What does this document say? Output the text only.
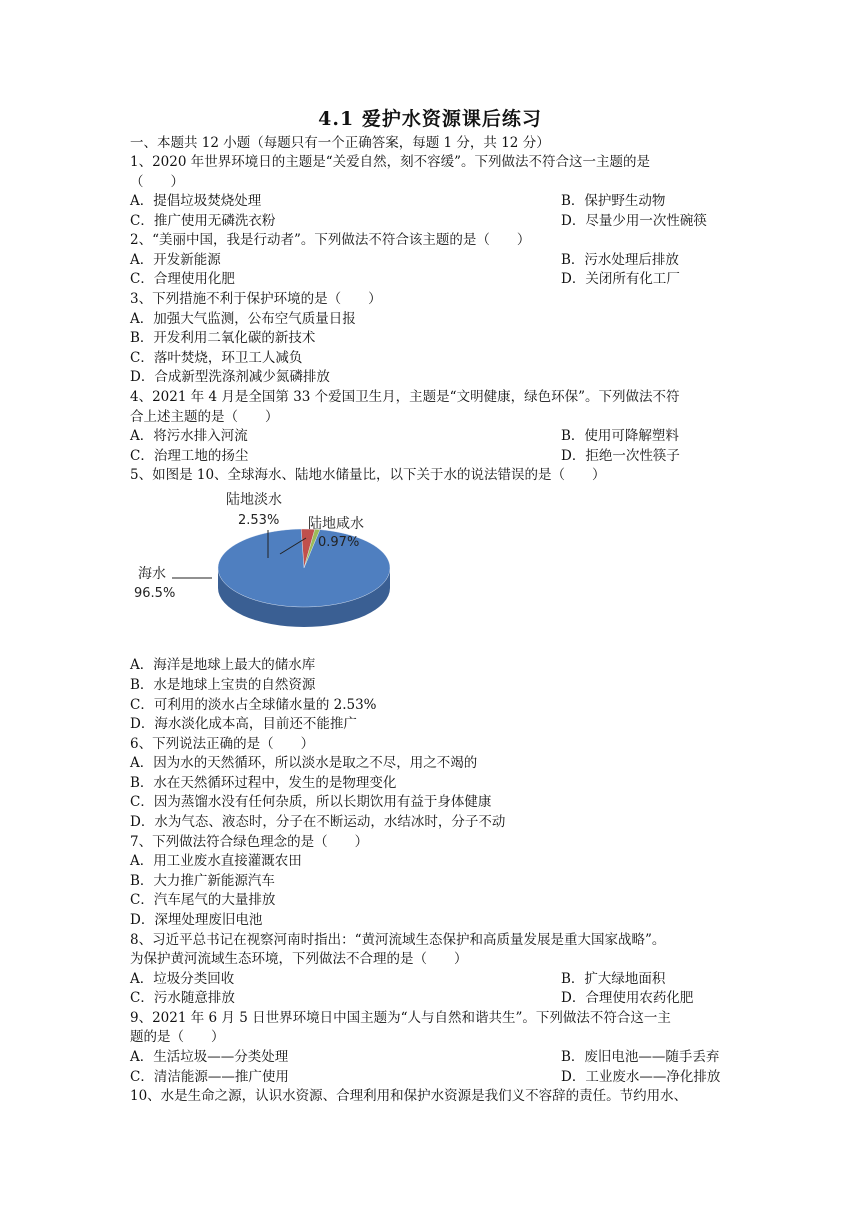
4.1 爱护水资源课后练习
一、本题共 12 小题（每题只有一个正确答案，每题 1 分，共 12 分）
1、2020 年世界环境日的主题是“关爱自然，刻不容缓”。下列做法不符合这一主题的是
（　　）
A．提倡垃圾焚烧处理	B．保护野生动物
C．推广使用无磷洗衣粉	D．尽量少用一次性碗筷
2、“美丽中国，我是行动者”。下列做法不符合该主题的是（　　）
A．开发新能源	B．污水处理后排放
C．合理使用化肥	D．关闭所有化工厂
3、下列措施不利于保护环境的是（　　）
A．加强大气监测，公布空气质量日报
B．开发利用二氧化碳的新技术
C．落叶焚烧，环卫工人减负
D．合成新型洗涤剂减少氮磷排放
4、2021 年 4 月是全国第 33 个爱国卫生月，主题是“文明健康，绿色环保”。下列做法不符
合上述主题的是（　　）
A．将污水排入河流	B．使用可降解塑料
C．治理工地的扬尘	D．拒绝一次性筷子
5、如图是 10、全球海水、陆地水储量比，以下关于水的说法错误的是（　　）
陆地淡水
2.53% 陆地咸水
0.97%
海水
96.5%
A．海洋是地球上最大的储水库
B．水是地球上宝贵的自然资源
C．可利用的淡水占全球储水量的 2.53%
D．海水淡化成本高，目前还不能推广
6、下列说法正确的是（　　）
A．因为水的天然循环，所以淡水是取之不尽，用之不竭的
B．水在天然循环过程中，发生的是物理变化
C．因为蒸馏水没有任何杂质，所以长期饮用有益于身体健康
D．水为气态、液态时，分子在不断运动，水结冰时，分子不动
7、下列做法符合绿色理念的是（　　）
A．用工业废水直接灌溉农田
B．大力推广新能源汽车
C．汽车尾气的大量排放
D．深埋处理废旧电池
8、习近平总书记在视察河南时指出：“黄河流域生态保护和高质量发展是重大国家战略”。
为保护黄河流域生态环境，下列做法不合理的是（　　）
A．垃圾分类回收	B．扩大绿地面积
C．污水随意排放	D．合理使用农药化肥
9、2021 年 6 月 5 日世界环境日中国主题为“人与自然和谐共生”。下列做法不符合这一主
题的是（　　）
A．生活垃圾——分类处理	B．废旧电池——随手丢弃
C．清洁能源——推广使用	D．工业废水——净化排放
10、水是生命之源，认识水资源、合理利用和保护水资源是我们义不容辞的责任。节约用水、
